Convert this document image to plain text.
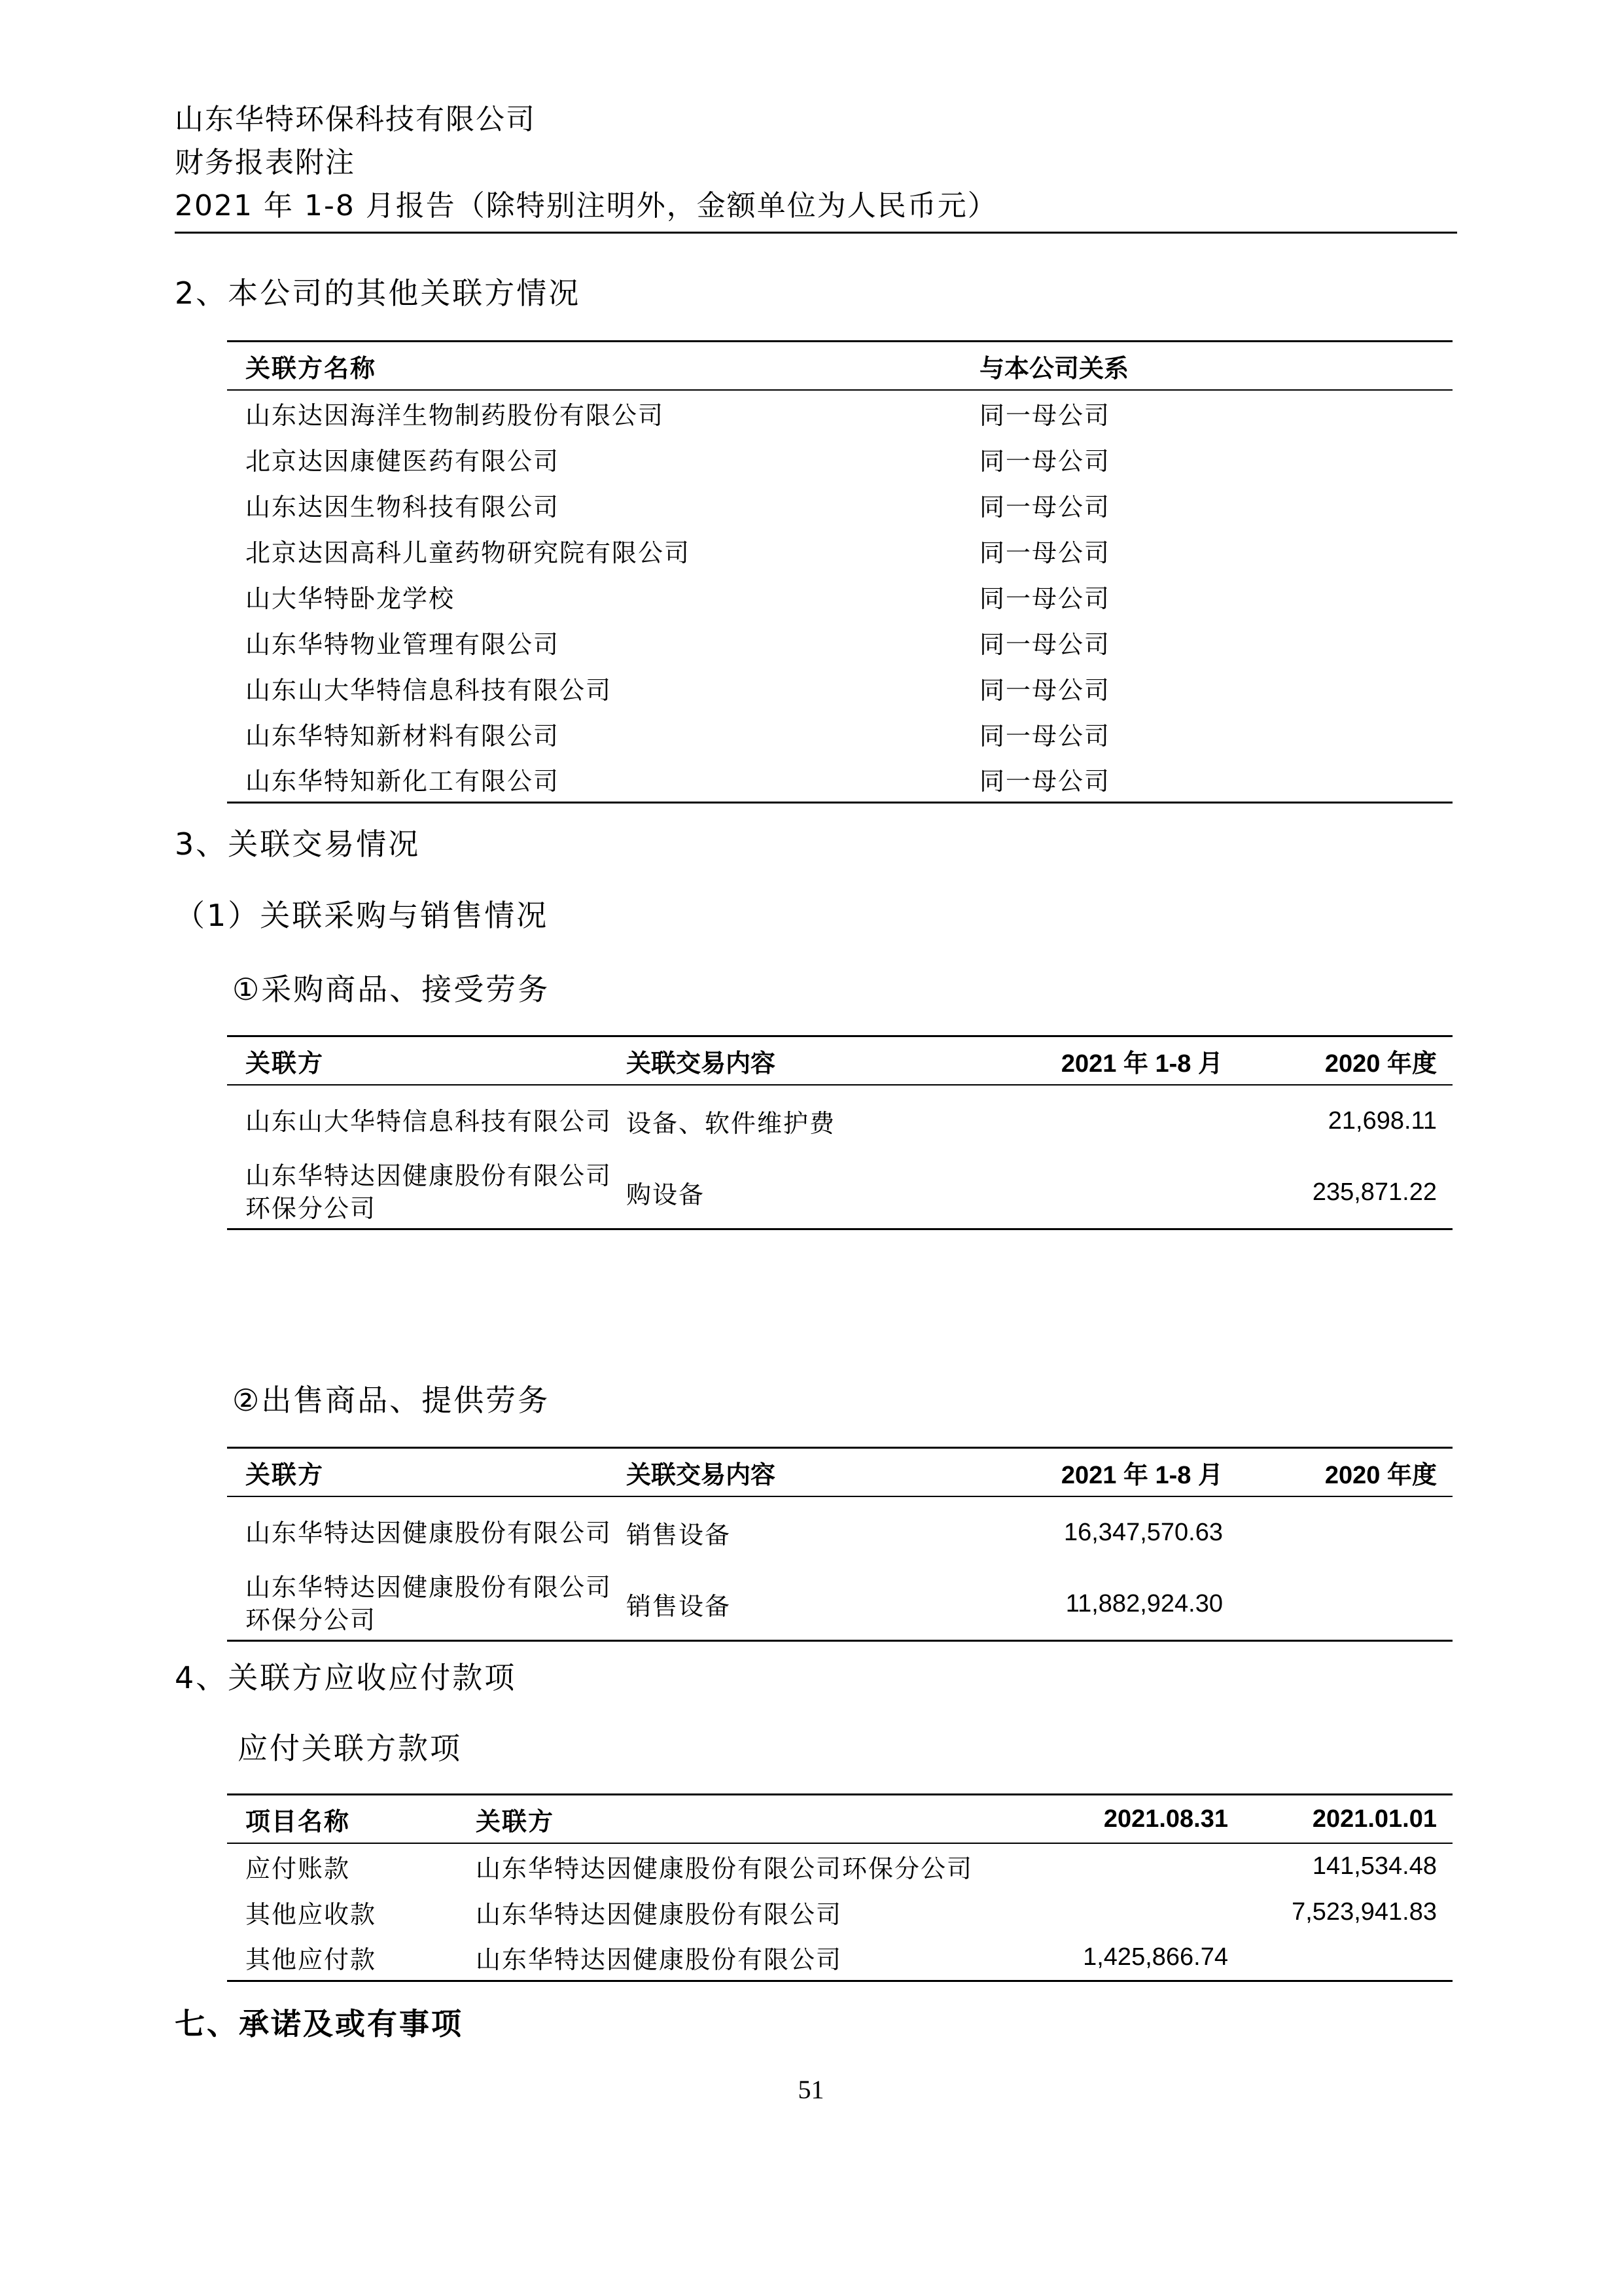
山东华特环保科技有限公司
财务报表附注
2021 年 1-8 月报告（除特别注明外，金额单位为人民币元）
2、本公司的其他关联方情况
关联方名称	与本公司关系
山东达因海洋生物制药股份有限公司	同一母公司
北京达因康健医药有限公司	同一母公司
山东达因生物科技有限公司	同一母公司
北京达因高科儿童药物研究院有限公司	同一母公司
山大华特卧龙学校	同一母公司
山东华特物业管理有限公司	同一母公司
山东山大华特信息科技有限公司	同一母公司
山东华特知新材料有限公司	同一母公司
山东华特知新化工有限公司	同一母公司
3、关联交易情况
（1）关联采购与销售情况
①采购商品、接受劳务
关联方	关联交易内容	2021 年 1-8 月	2020 年度
山东山大华特信息科技有限公司	设备、软件维护费		21,698.11
山东华特达因健康股份有限公司环保分公司	购设备		235,871.22
②出售商品、提供劳务
关联方	关联交易内容	2021 年 1-8 月	2020 年度
山东华特达因健康股份有限公司	销售设备	16,347,570.63	
山东华特达因健康股份有限公司环保分公司	销售设备	11,882,924.30	
4、关联方应收应付款项
应付关联方款项
项目名称	关联方	2021.08.31	2021.01.01
应付账款	山东华特达因健康股份有限公司环保分公司		141,534.48
其他应收款	山东华特达因健康股份有限公司		7,523,941.83
其他应付款	山东华特达因健康股份有限公司	1,425,866.74	
七、承诺及或有事项
51
